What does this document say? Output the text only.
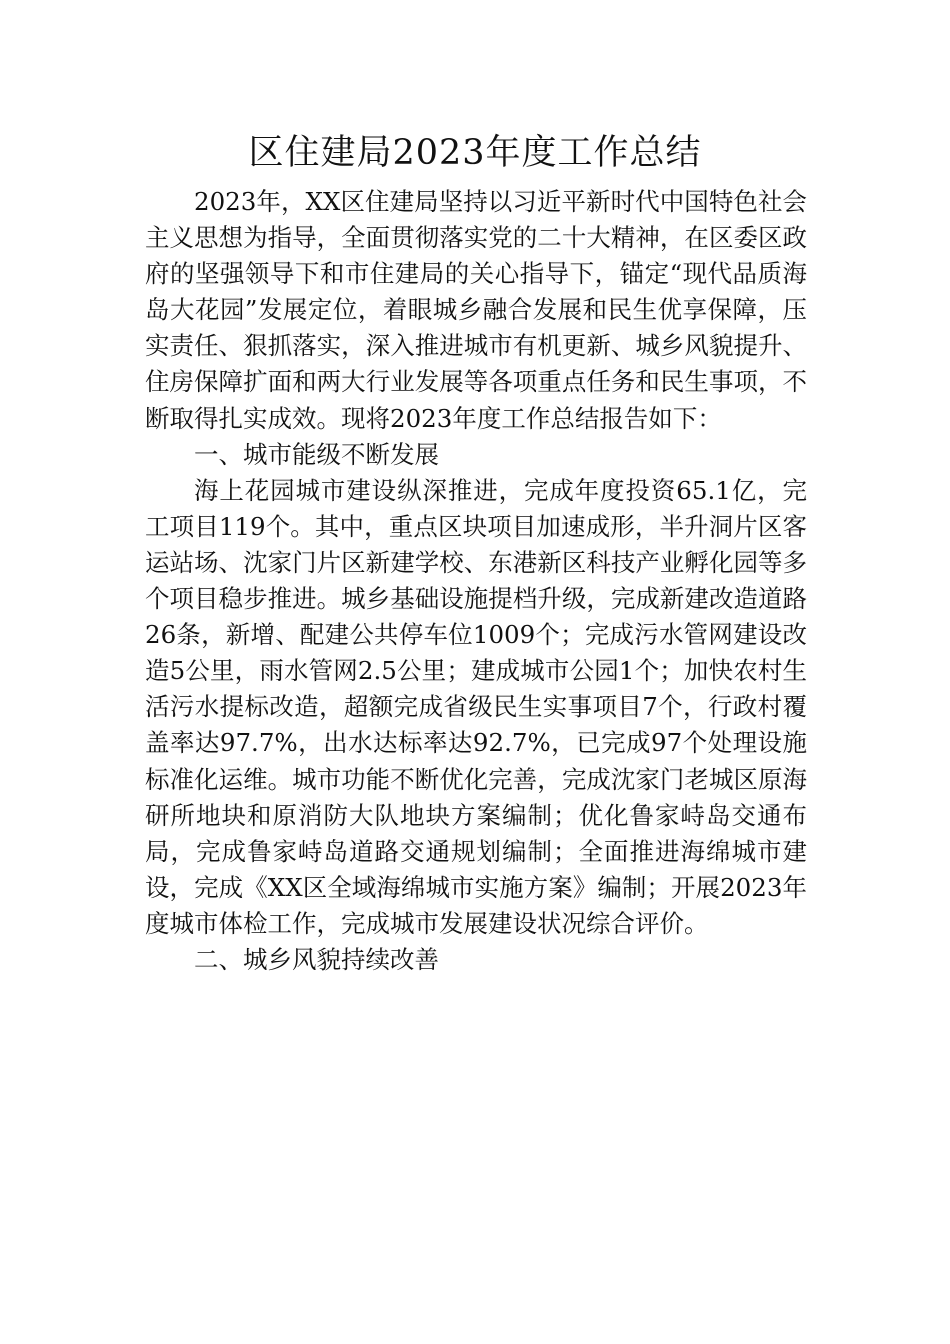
区住建局2023年度工作总结

2023年，XX区住建局坚持以习近平新时代中国特色社会主义思想为指导，全面贯彻落实党的二十大精神，在区委区政府的坚强领导下和市住建局的关心指导下，锚定“现代品质海岛大花园”发展定位，着眼城乡融合发展和民生优享保障，压实责任、狠抓落实，深入推进城市有机更新、城乡风貌提升、住房保障扩面和两大行业发展等各项重点任务和民生事项，不断取得扎实成效。现将2023年度工作总结报告如下：

一、城市能级不断发展

海上花园城市建设纵深推进，完成年度投资65.1亿，完工项目119个。其中，重点区块项目加速成形，半升洞片区客运站场、沈家门片区新建学校、东港新区科技产业孵化园等多个项目稳步推进。城乡基础设施提档升级，完成新建改造道路26条，新增、配建公共停车位1009个；完成污水管网建设改造5公里，雨水管网2.5公里；建成城市公园1个；加快农村生活污水提标改造，超额完成省级民生实事项目7个，行政村覆盖率达97.7%，出水达标率达92.7%，已完成97个处理设施标准化运维。城市功能不断优化完善，完成沈家门老城区原海研所地块和原消防大队地块方案编制；优化鲁家峙岛交通布局，完成鲁家峙岛道路交通规划编制；全面推进海绵城市建设，完成《XX区全域海绵城市实施方案》编制；开展2023年度城市体检工作，完成城市发展建设状况综合评价。

二、城乡风貌持续改善
